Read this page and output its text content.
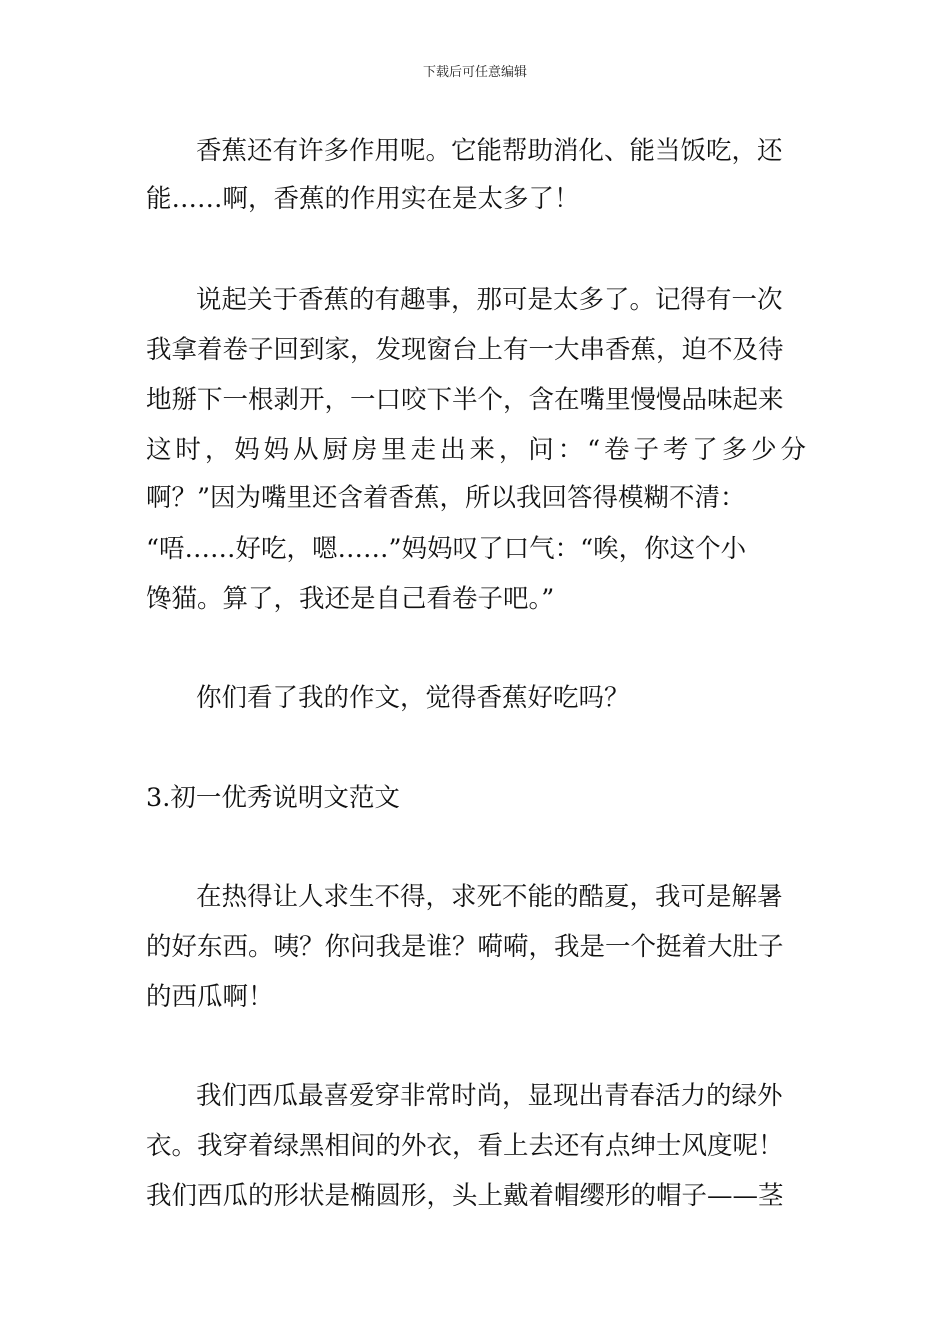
下载后可任意编辑
香蕉还有许多作用呢。它能帮助消化、能当饭吃，还
能……啊，香蕉的作用实在是太多了！
说起关于香蕉的有趣事，那可是太多了。记得有一次
我拿着卷子回到家，发现窗台上有一大串香蕉，迫不及待
地掰下一根剥开，一口咬下半个，含在嘴里慢慢品味起来
这时，妈妈从厨房里走出来，问：“卷子考了多少分
啊？”因为嘴里还含着香蕉，所以我回答得模糊不清：
“唔……好吃，嗯……”妈妈叹了口气：“唉，你这个小
馋猫。算了，我还是自己看卷子吧。”
你们看了我的作文，觉得香蕉好吃吗？
3.初一优秀说明文范文
在热得让人求生不得，求死不能的酷夏，我可是解暑
的好东西。咦？你问我是谁？嗬嗬，我是一个挺着大肚子
的西瓜啊！
我们西瓜最喜爱穿非常时尚，显现出青春活力的绿外
衣。我穿着绿黑相间的外衣，看上去还有点绅士风度呢！
我们西瓜的形状是椭圆形，头上戴着帽缨形的帽子——茎
